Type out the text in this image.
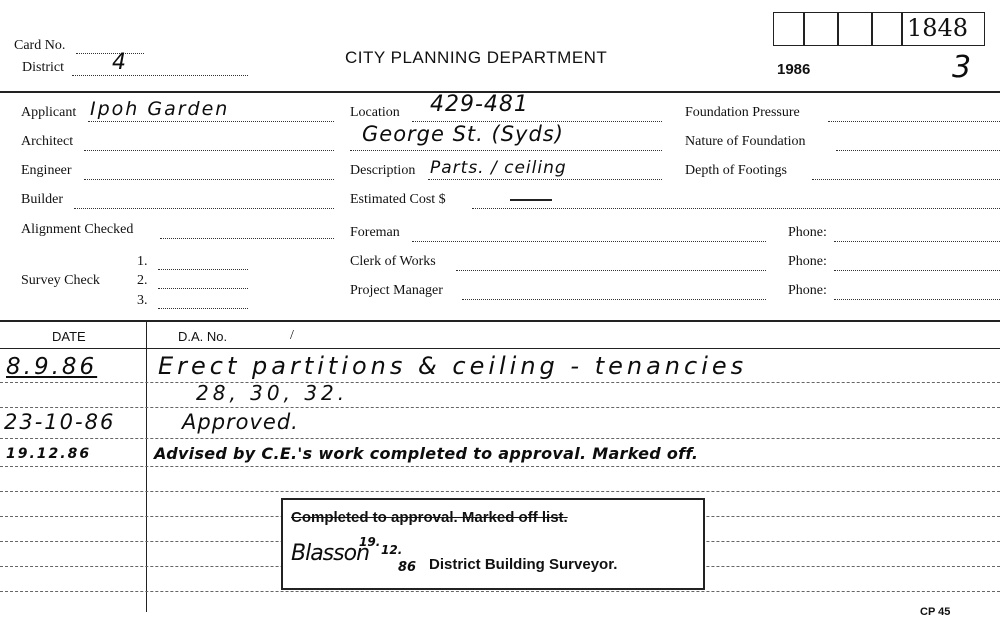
Card No.
District 4	CITY PLANNING DEPARTMENT
1986
1848
3
Applicant Ipoh Garden
Architect
Engineer
Builder
Alignment Checked
Survey Check
1.
2.
3.
Location 429-481
George St. (Syds)
Description Parts. / ceiling
Estimated Cost $
Foreman
Clerk of Works
Project Manager
Foundation Pressure
Nature of Foundation
Depth of Footings
Phone:
Phone:
Phone:
DATE	D.A. No.	/
8.9.86	Erect partitions & ceiling - tenancies
28, 30, 32.
23-10-86	Approved.
19.12.86	Advised by C.E.'s work completed to approval. Marked off.
Completed to approval. Marked off list.
Blasson
19.
12.
86 District Building Surveyor.
CP 45
